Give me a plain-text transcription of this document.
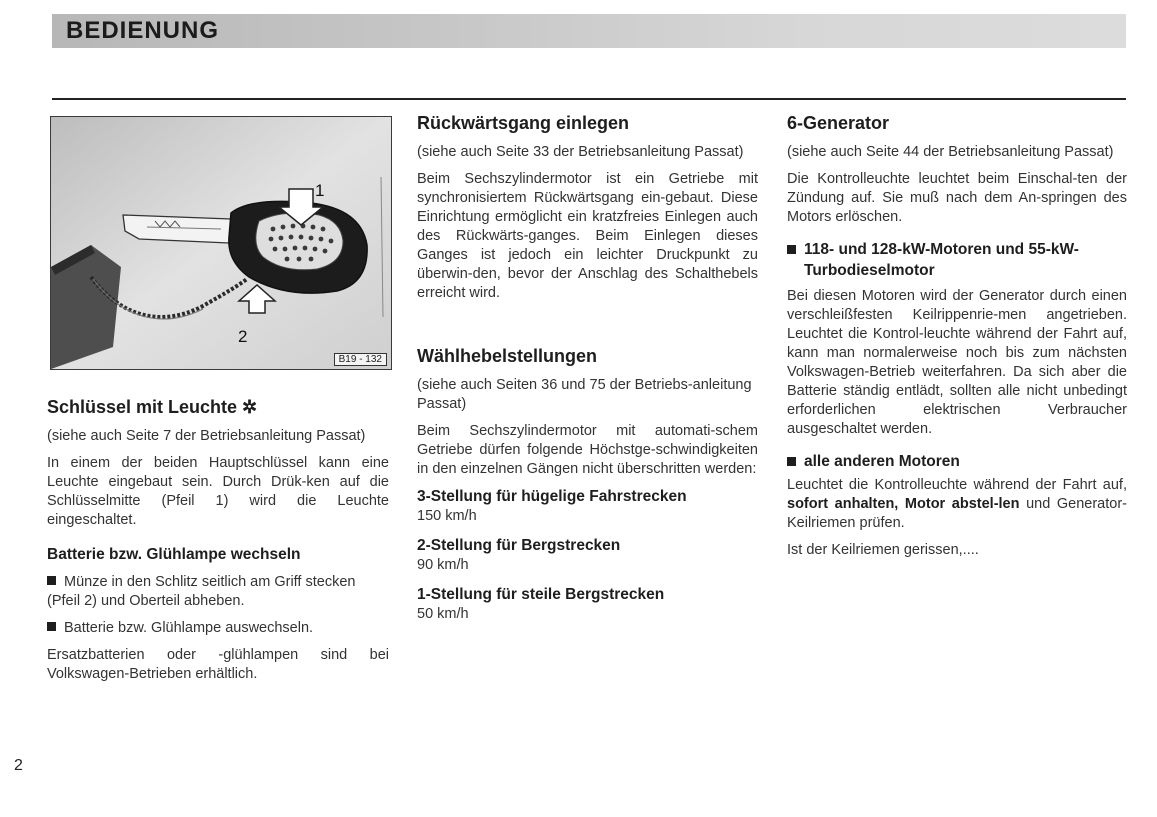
BEDIENUNG
1
2
B19 - 132
Schlüssel mit Leuchte ✲

(siehe auch Seite 7 der Betriebsanleitung Passat)

In einem der beiden Hauptschlüssel kann eine Leuchte eingebaut sein. Durch Drük-ken auf die Schlüsselmitte (Pfeil 1) wird die Leuchte eingeschaltet.

Batterie bzw. Glühlampe wechseln

Münze in den Schlitz seitlich am Griff stecken (Pfeil 2) und Oberteil abheben.

Batterie bzw. Glühlampe auswechseln.

Ersatzbatterien oder -glühlampen sind bei Volkswagen-Betrieben erhältlich.

Rückwärtsgang einlegen

(siehe auch Seite 33 der Betriebsanleitung Passat)

Beim Sechszylindermotor ist ein Getriebe mit synchronisiertem Rückwärtsgang ein-gebaut. Diese Einrichtung ermöglicht ein kratzfreies Einlegen auch des Rückwärts-ganges. Beim Einlegen dieses Ganges ist jedoch ein leichter Druckpunkt zu überwin-den, bevor der Anschlag des Schalthebels erreicht wird.

Wählhebelstellungen

(siehe auch Seiten 36 und 75 der Betriebs-anleitung Passat)

Beim Sechszylindermotor mit automati-schem Getriebe dürfen folgende Höchstge-schwindigkeiten in den einzelnen Gängen nicht überschritten werden:

3-Stellung für hügelige Fahrstrecken

150 km/h

2-Stellung für Bergstrecken

90 km/h

1-Stellung für steile Bergstrecken

50 km/h

6-Generator

(siehe auch Seite 44 der Betriebsanleitung Passat)

Die Kontrolleuchte leuchtet beim Einschal-ten der Zündung auf. Sie muß nach dem An-springen des Motors erlöschen.

118- und 128-kW-Motoren und 55-kW-Turbodieselmotor

Bei diesen Motoren wird der Generator durch einen verschleißfesten Keilrippenrie-men angetrieben. Leuchtet die Kontrol-leuchte während der Fahrt auf, kann man normalerweise noch bis zum nächsten Volkswagen-Betrieb weiterfahren. Da sich aber die Batterie ständig entlädt, sollten alle nicht unbedingt erforderlichen elektrischen Verbraucher ausgeschaltet werden.

alle anderen Motoren

Leuchtet die Kontrolleuchte während der Fahrt auf, sofort anhalten, Motor abstel-len und Generator-Keilriemen prüfen.

Ist der Keilriemen gerissen,....

2
